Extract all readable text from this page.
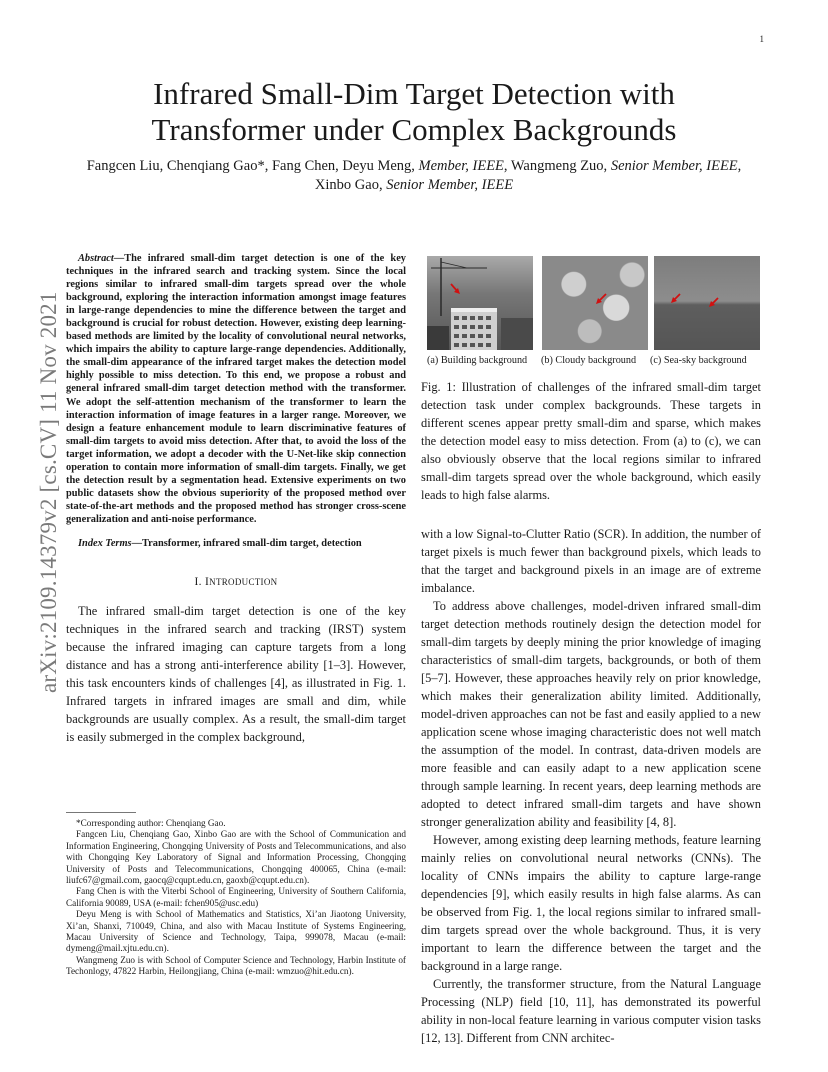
1
arXiv:2109.14379v2 [cs.CV] 11 Nov 2021
Infrared Small-Dim Target Detection with
Transformer under Complex Backgrounds
Fangcen Liu, Chenqiang Gao*, Fang Chen, Deyu Meng, Member, IEEE, Wangmeng Zuo, Senior Member, IEEE,
Xinbo Gao, Senior Member, IEEE

Abstract—The infrared small-dim target detection is one of the key techniques in the infrared search and tracking system. Since the local regions similar to infrared small-dim targets spread over the whole background, exploring the interaction information amongst image features in large-range dependencies to mine the difference between the target and background is crucial for robust detection. However, existing deep learning-based methods are limited by the locality of convolutional neural networks, which impairs the ability to capture large-range dependencies. Additionally, the small-dim appearance of the infrared target makes the detection model highly possible to miss detection. To this end, we propose a robust and general infrared small-dim target detection method with the transformer. We adopt the self-attention mechanism of the transformer to learn the interaction information of image features in a larger range. Moreover, we design a feature enhancement module to learn discriminative features of small-dim targets to avoid miss detection. After that, to avoid the loss of the target information, we adopt a decoder with the U-Net-like skip connection operation to contain more information of small-dim targets. Finally, we get the detection result by a segmentation head. Extensive experiments on two public datasets show the obvious superiority of the proposed method over state-of-the-art methods and the proposed method has stronger cross-scene generalization and anti-noise performance.

Index Terms—Transformer, infrared small-dim target, detection

I. INTRODUCTION

The infrared small-dim target detection is one of the key techniques in the infrared search and tracking (IRST) system because the infrared imaging can capture targets from a long distance and has a strong anti-interference ability [1–3]. However, this task encounters kinds of challenges [4], as illustrated in Fig. 1. Infrared targets in infrared images are small and dim, while backgrounds are usually complex. As a result, the small-dim target is easily submerged in the complex background,

*Corresponding author: Chenqiang Gao.

Fangcen Liu, Chenqiang Gao, Xinbo Gao are with the School of Communication and Information Engineering, Chongqing University of Posts and Telecommunications, and also with Chongqing Key Laboratory of Signal and Information Processing, Chongqing University of Posts and Telecommunications, Chongqing 400065, China (e-mail: liufc67@gmail.com, gaocq@cqupt.edu.cn, gaoxb@cqupt.edu.cn).

Fang Chen is with the Viterbi School of Engineering, University of Southern California, California 90089, USA (e-mail: fchen905@usc.edu)

Deyu Meng is with School of Mathematics and Statistics, Xi’an Jiaotong University, Xi’an, Shanxi, 710049, China, and also with Macau Institute of Systems Engineering, Macau University of Science and Technology, Taipa, 999078, Macau (e-mail: dymeng@mail.xjtu.edu.cn).

Wangmeng Zuo is with School of Computer Science and Technology, Harbin Institute of Techonlogy, 47822 Harbin, Heilongjiang, China (e-mail: wmzuo@hit.edu.cn).

(a) Building background (b) Cloudy background (c) Sea-sky background

Fig. 1: Illustration of challenges of the infrared small-dim target detection task under complex backgrounds. These targets in different scenes appear pretty small-dim and sparse, which makes the detection model easy to miss detection. From (a) to (c), we can also obviously observe that the local regions similar to infrared small-dim targets spread over the whole background, which easily leads to high false alarms.

with a low Signal-to-Clutter Ratio (SCR). In addition, the number of target pixels is much fewer than background pixels, which leads to that the target and background pixels in an image are of extreme imbalance.

To address above challenges, model-driven infrared small-dim target detection methods routinely design the detection model for small-dim targets by deeply mining the prior knowledge of imaging characteristics of small-dim targets, backgrounds, or both of them [5–7]. However, these approaches heavily rely on prior knowledge, which makes their generalization ability limited. Additionally, model-driven approaches can not be fast and easily applied to a new application scene whose imaging characteristic does not well match the assumption of the model. In contrast, data-driven models are more feasible and can easily adapt to a new application scene through sample learning. In recent years, deep learning methods are adopted to detect infrared small-dim targets and have shown stronger generalization ability and feasibility [4, 8].

However, among existing deep learning methods, feature learning mainly relies on convolutional neural networks (CNNs). The locality of CNNs impairs the ability to capture large-range dependencies [9], which easily results in high false alarms. As can be observed from Fig. 1, the local regions similar to infrared small-dim targets spread over the whole background. Thus, it is very important to learn the difference between the target and the background in a large range.

Currently, the transformer structure, from the Natural Language Processing (NLP) field [10, 11], has demonstrated its powerful ability in non-local feature learning in various computer vision tasks [12, 13]. Different from CNN architec-
